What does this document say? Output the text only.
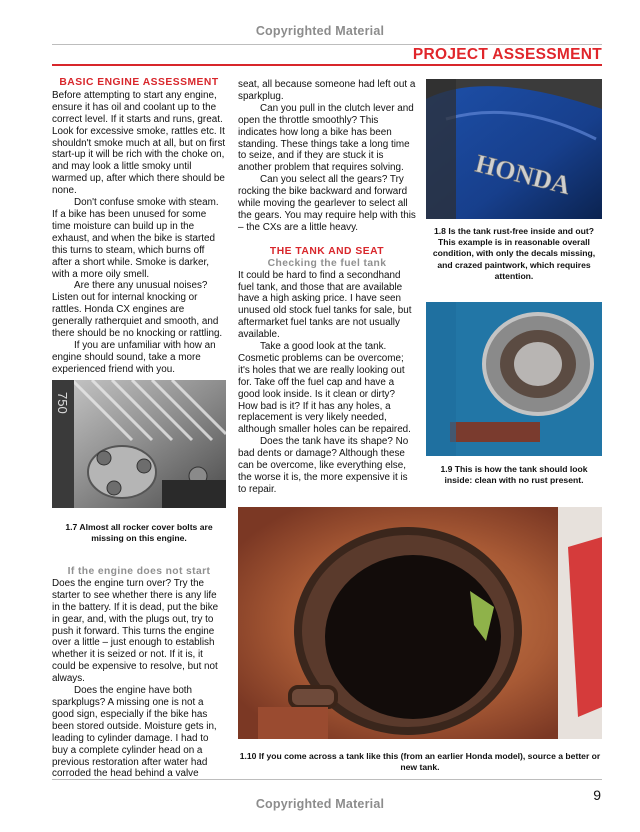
Copyrighted Material
PROJECT ASSESSMENT
BASIC ENGINE ASSESSMENT

Before attempting to start any engine, ensure it has oil and coolant up to the correct level. If it starts and runs, great. Look for excessive smoke, rattles etc. It shouldn't smoke much at all, but on first start-up it will be rich with the choke on, and may look a little smoky until warmed up, after which there should be none.

Don't confuse smoke with steam. If a bike has been unused for some time moisture can build up in the exhaust, and when the bike is started this turns to steam, which burns off after a short while. Smoke is darker, with a more oily smell.

Are there any unusual noises? Listen out for internal knocking or rattles. Honda CX engines are generally ratherquiet and smooth, and there should be no knocking or rattling.

If you are unfamiliar with how an engine should sound, take a more experienced friend with you.

750
1.7 Almost all rocker cover bolts are missing on this engine.
If the engine does not start

Does the engine turn over? Try the starter to see whether there is any life in the battery. If it is dead, put the bike in gear, and, with the plugs out, try to push it forward. This turns the engine over a little – just enough to establish whether it is seized or not. If it is, it could be expensive to resolve, but not always.

Does the engine have both sparkplugs? A missing one is not a good sign, especially if the bike has been stored outside. Moisture gets in, leading to cylinder damage. I had to buy a complete cylinder head on a previous restoration after water had corroded the head behind a valve

seat, all because someone had left out a sparkplug.

Can you pull in the clutch lever and open the throttle smoothly? This indicates how long a bike has been standing. These things take a long time to seize, and if they are stuck it is another problem that requires solving.

Can you select all the gears? Try rocking the bike backward and forward while moving the gearlever to select all the gears. You may require help with this – the CXs are a little heavy.

THE TANK AND SEAT
Checking the fuel tank

It could be hard to find a secondhand fuel tank, and those that are available have a high asking price. I have seen unused old stock fuel tanks for sale, but aftermarket fuel tanks are not usually available.

Take a good look at the tank. Cosmetic problems can be overcome; it's holes that we are really looking out for. Take off the fuel cap and have a good look inside. Is it clean or dirty? How bad is it? If it has any holes, a replacement is very likely needed, although smaller holes can be repaired.

Does the tank have its shape? No bad dents or damage? Although these can be overcome, like everything else, the worse it is, the more expensive it is to repair.

HONDA
1.8 Is the tank rust-free inside and out? This example is in reasonable overall condition, with only the decals missing, and crazed paintwork, which requires attention.
1.9 This is how the tank should look inside: clean with no rust present.
1.10 If you come across a tank like this (from an earlier Honda model), source a better or new tank.
9
Copyrighted Material
